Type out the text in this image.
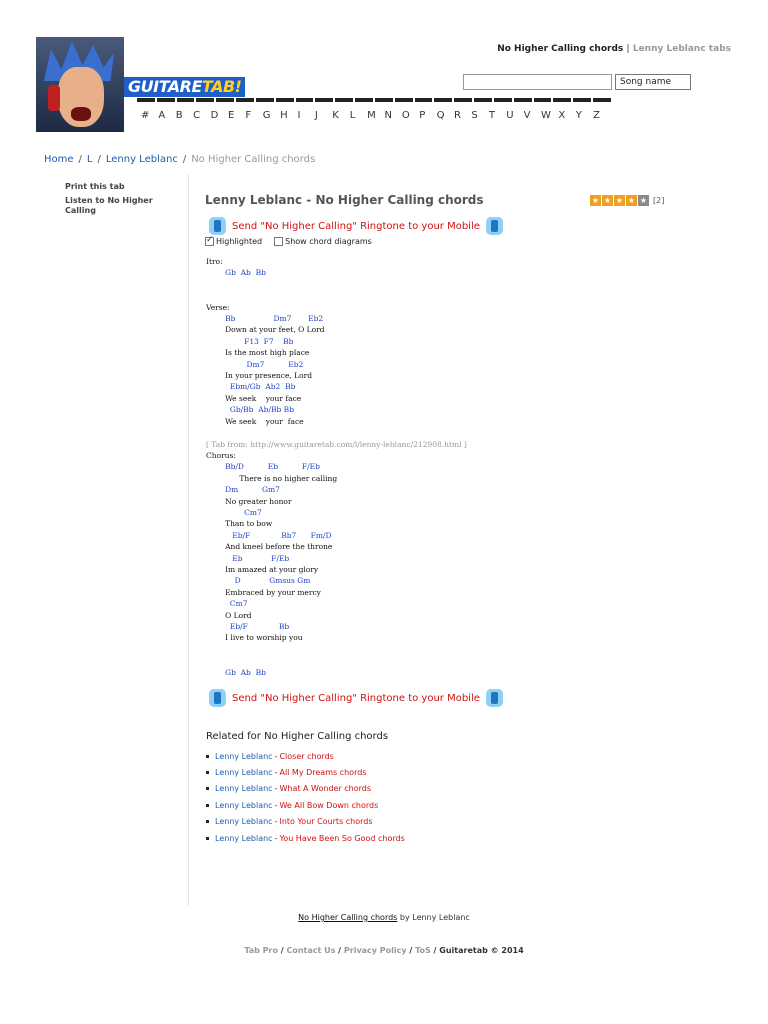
GUITARETAB!
No Higher Calling chords | Lenny Leblanc tabs
Song name
# A	B	C	D E	F	G H I	J	K	L	M N O P	Q R	S	T	U	V	W X	Y	Z
Home / L / Lenny Leblanc / No Higher Calling chords
Print this tab
Listen to No Higher Calling
Lenny Leblanc - No Higher Calling chords	★ ★ ★ ★ ★ [2]
Send "No Higher Calling" Ringtone to your Mobile
✓
Highlighted	Show chord diagrams
Itro:
Gb  Ab  Bb

Verse:
Bb                Dm7       Eb2
Down at your feet, O Lord
F13  F7    Bb
Is the most high place
Dm7          Eb2
In your presence, Lord
Ebm/Gb  Ab2  Bb
We seek    your face
Gb/Bb  Ab/Bb Bb
We seek    your  face

[ Tab from: http://www.guitaretab.com/l/lenny-leblanc/212908.html ]
Chorus:
Bb/D          Eb          F/Eb
There is no higher calling
Dm          Gm7
No greater honor
Cm7
Than to bow
Eb/F             Bb7      Fm/D
And kneel before the throne
Eb            F/Eb
Im amazed at your glory
D            Gmsus Gm
Embraced by your mercy
Cm7
O Lord
Eb/F             Bb
I live to worship you

Gb  Ab  Bb
Send "No Higher Calling" Ringtone to your Mobile
Related for No Higher Calling chords
Lenny Leblanc - Closer chords
Lenny Leblanc - All My Dreams chords
Lenny Leblanc - What A Wonder chords
Lenny Leblanc - We All Bow Down chords
Lenny Leblanc - Into Your Courts chords
Lenny Leblanc - You Have Been So Good chords
No Higher Calling chords by Lenny Leblanc
Tab Pro / Contact Us / Privacy Policy / ToS / Guitaretab © 2014
